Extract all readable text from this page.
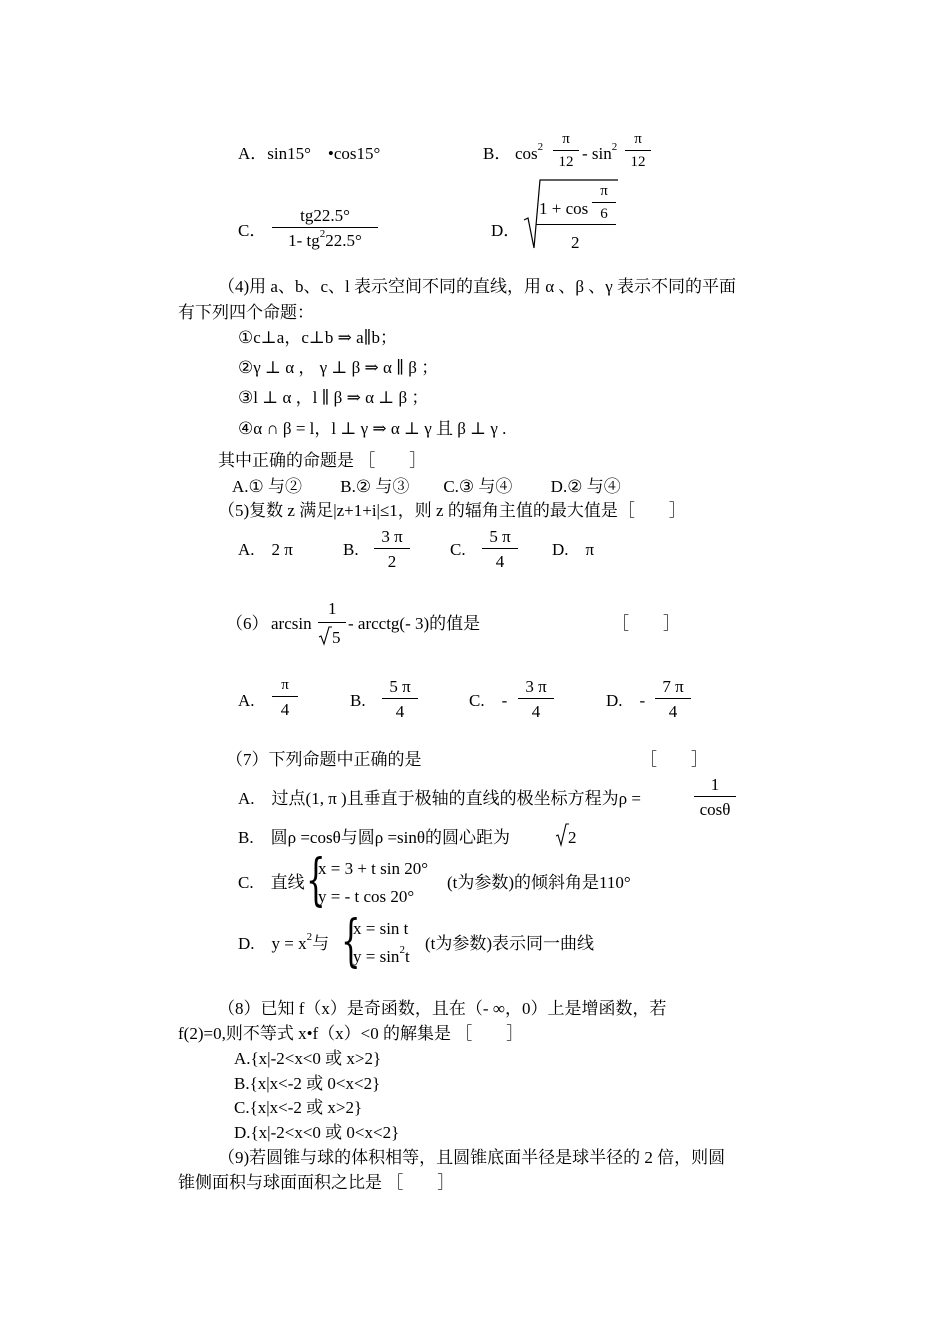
A．sin15°　•cos15°	B． $\cos^2$	π
$12 - \sin^2$	π
12
C．
tg22.5°
1- $tg^222.5^\circ$
D．
1 + cos
π
6
2
（4)用 a、b、c、l 表示空间不同的直线，用 α 、β 、γ 表示不同的平面
有下列四个命题：
①c⊥a，c⊥b ⇒ a∥b；
②γ ⊥ α ， γ ⊥ β ⇒ α ∥ β ；
③l ⊥ α ，l ∥ β ⇒ α ⊥ β ；
④α ∩ β = l，l ⊥ γ ⇒ α ⊥ γ 且 β ⊥ γ .
其中正确的命题是 ［　　］
A.① 与②　　 B.② 与③　　C.③ 与④　　 D.② 与④
（5)复数 z 满足|z+1+i|≤1，则 z 的辐角主值的最大值是［　　］
A.　2 π	B.
3 π
2
C.
5 π
4
D.　π
（6） arcsin
1
5
- arcctg(- 3)的值是	［　　］
A.
π
4	B.
5 π
4
C.　-
3 π
4
D.　-
7 π
4
（7）下列命题中正确的是	［　　］
A.　过点(1, π )且垂直于极轴的直线的极坐标方程为ρ =
1
cosθ
B.　圆ρ =cosθ与圆ρ =sinθ的圆心距为	2
C.　直线 {
x = 3 + t sin 20°
y = - t cos 20°
(t为参数)的倾斜角是110°
D.　$y = x^2$与 {
x = sin t
$y = \sin^2t$
(t为参数)表示同一曲线
（8）已知 f（x）是奇函数，且在（- ∞，0）上是增函数，若
f(2)=0,则不等式 x•f（x）<0 的解集是 ［　　］
A.{x|-2<x<0 或 x>2}
B.{x|x<-2 或 0<x<2}
C.{x|x<-2 或 x>2}
D.{x|-2<x<0 或 0<x<2}
（9)若圆锥与球的体积相等，且圆锥底面半径是球半径的 2 倍，则圆
锥侧面积与球面面积之比是 ［　　］
